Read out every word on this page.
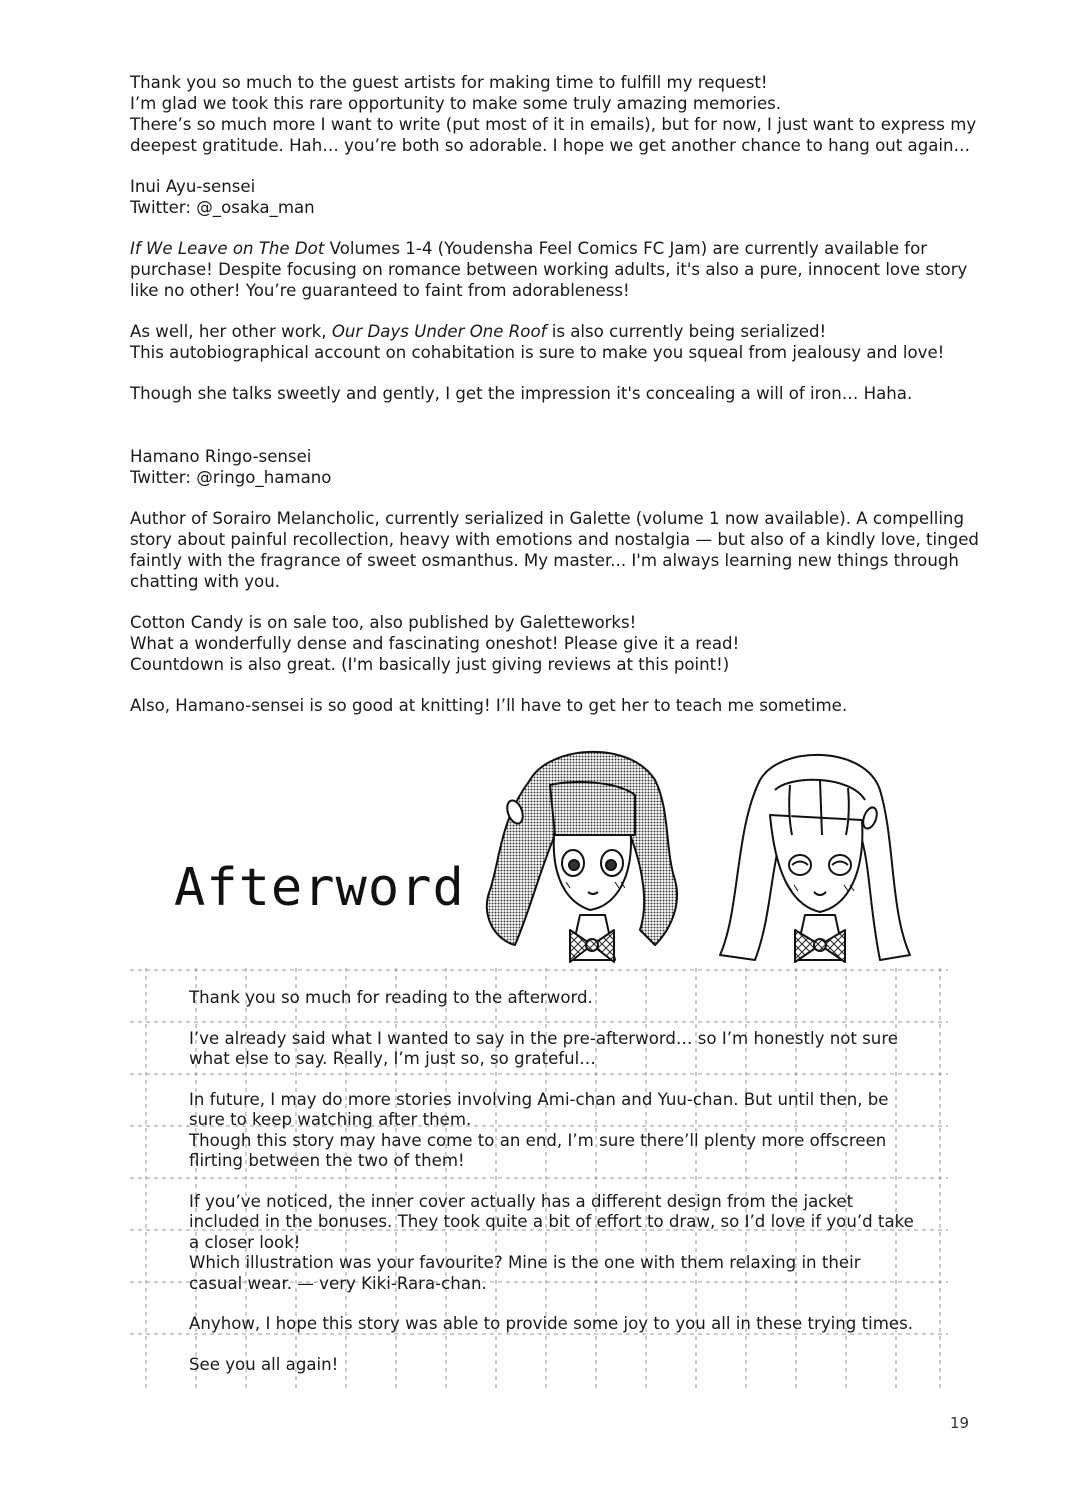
Thank you so much to the guest artists for making time to fulfill my request!
I’m glad we took this rare opportunity to make some truly amazing memories.
There’s so much more I want to write (put most of it in emails), but for now, I just want to express my
deepest gratitude. Hah… you’re both so adorable. I hope we get another chance to hang out again…

Inui Ayu-sensei
Twitter: @_osaka_man

If We Leave on The Dot Volumes 1-4 (Youdensha Feel Comics FC Jam) are currently available for
purchase! Despite focusing on romance between working adults, it's also a pure, innocent love story
like no other! You’re guaranteed to faint from adorableness!

As well, her other work, Our Days Under One Roof is also currently being serialized!
This autobiographical account on cohabitation is sure to make you squeal from jealousy and love!

Though she talks sweetly and gently, I get the impression it's concealing a will of iron… Haha.

Hamano Ringo-sensei
Twitter: @ringo_hamano

Author of Sorairo Melancholic, currently serialized in Galette (volume 1 now available). A compelling
story about painful recollection, heavy with emotions and nostalgia — but also of a kindly love, tinged
faintly with the fragrance of sweet osmanthus. My master... I'm always learning new things through
chatting with you.

Cotton Candy is on sale too, also published by Galetteworks!
What a wonderfully dense and fascinating oneshot! Please give it a read!
Countdown is also great. (I'm basically just giving reviews at this point!)

Also, Hamano-sensei is so good at knitting! I’ll have to get her to teach me sometime.

Afterword

Thank you so much for reading to the afterword.

I’ve already said what I wanted to say in the pre-afterword… so I’m honestly not sure
what else to say. Really, I’m just so, so grateful…

In future, I may do more stories involving Ami-chan and Yuu-chan. But until then, be
sure to keep watching after them.
Though this story may have come to an end, I’m sure there’ll plenty more offscreen
flirting between the two of them!

If you’ve noticed, the inner cover actually has a different design from the jacket
included in the bonuses. They took quite a bit of effort to draw, so I’d love if you’d take
a closer look!
Which illustration was your favourite? Mine is the one with them relaxing in their
casual wear. — very Kiki-Rara-chan.

Anyhow, I hope this story was able to provide some joy to you all in these trying times.

See you all again!

19
